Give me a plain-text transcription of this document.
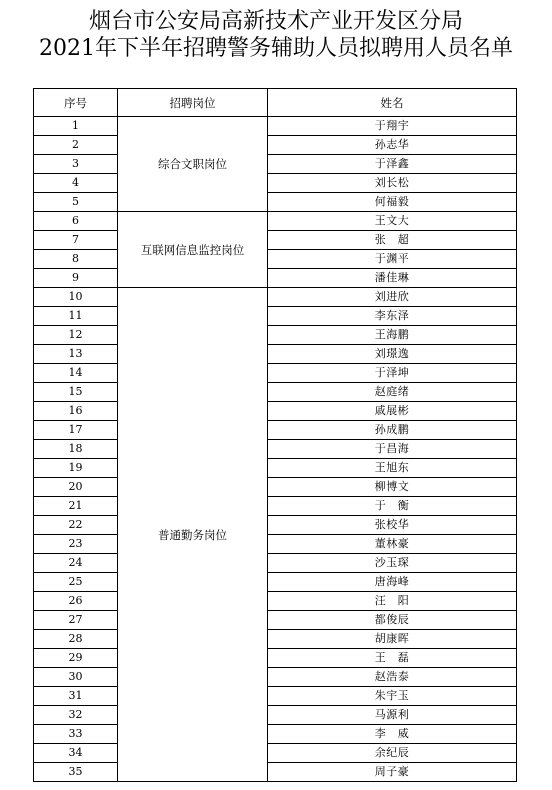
烟台市公安局高新技术产业开发区分局
2021年下半年招聘警务辅助人员拟聘用人员名单
序号	招聘岗位	姓名
1	综合文职岗位	于翔宇
2		孙志华
3		于泽鑫
4		刘长松
5		何福毅
6	互联网信息监控岗位	王文大
7		张　超
8		于渊平
9		潘佳琳
10	普通勤务岗位	刘进欣
11		李东泽
12		王海鹏
13		刘璟逸
14		于泽坤
15		赵庭绪
16		戚展彬
17		孙成鹏
18		于昌海
19		王旭东
20		柳博文
21		于　衡
22		张校华
23		董林豪
24		沙玉琛
25		唐海峰
26		汪　阳
27		都俊辰
28		胡康晖
29		王　磊
30		赵浩泰
31		朱宇玉
32		马源利
33		李　威
34		余纪辰
35		周子豪
